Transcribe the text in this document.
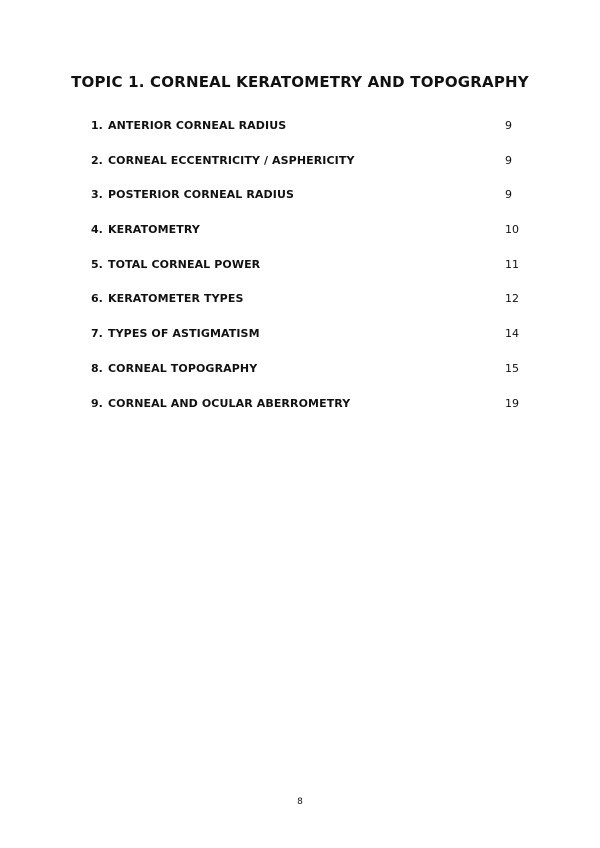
TOPIC 1. CORNEAL KERATOMETRY AND TOPOGRAPHY
1. ANTERIOR CORNEAL RADIUS	9
2. CORNEAL ECCENTRICITY / ASPHERICITY	9
3. POSTERIOR CORNEAL RADIUS	9
4. KERATOMETRY	10
5. TOTAL CORNEAL POWER	11
6. KERATOMETER TYPES	12
7. TYPES OF ASTIGMATISM	14
8. CORNEAL TOPOGRAPHY	15
9. CORNEAL AND OCULAR ABERROMETRY	19
8
